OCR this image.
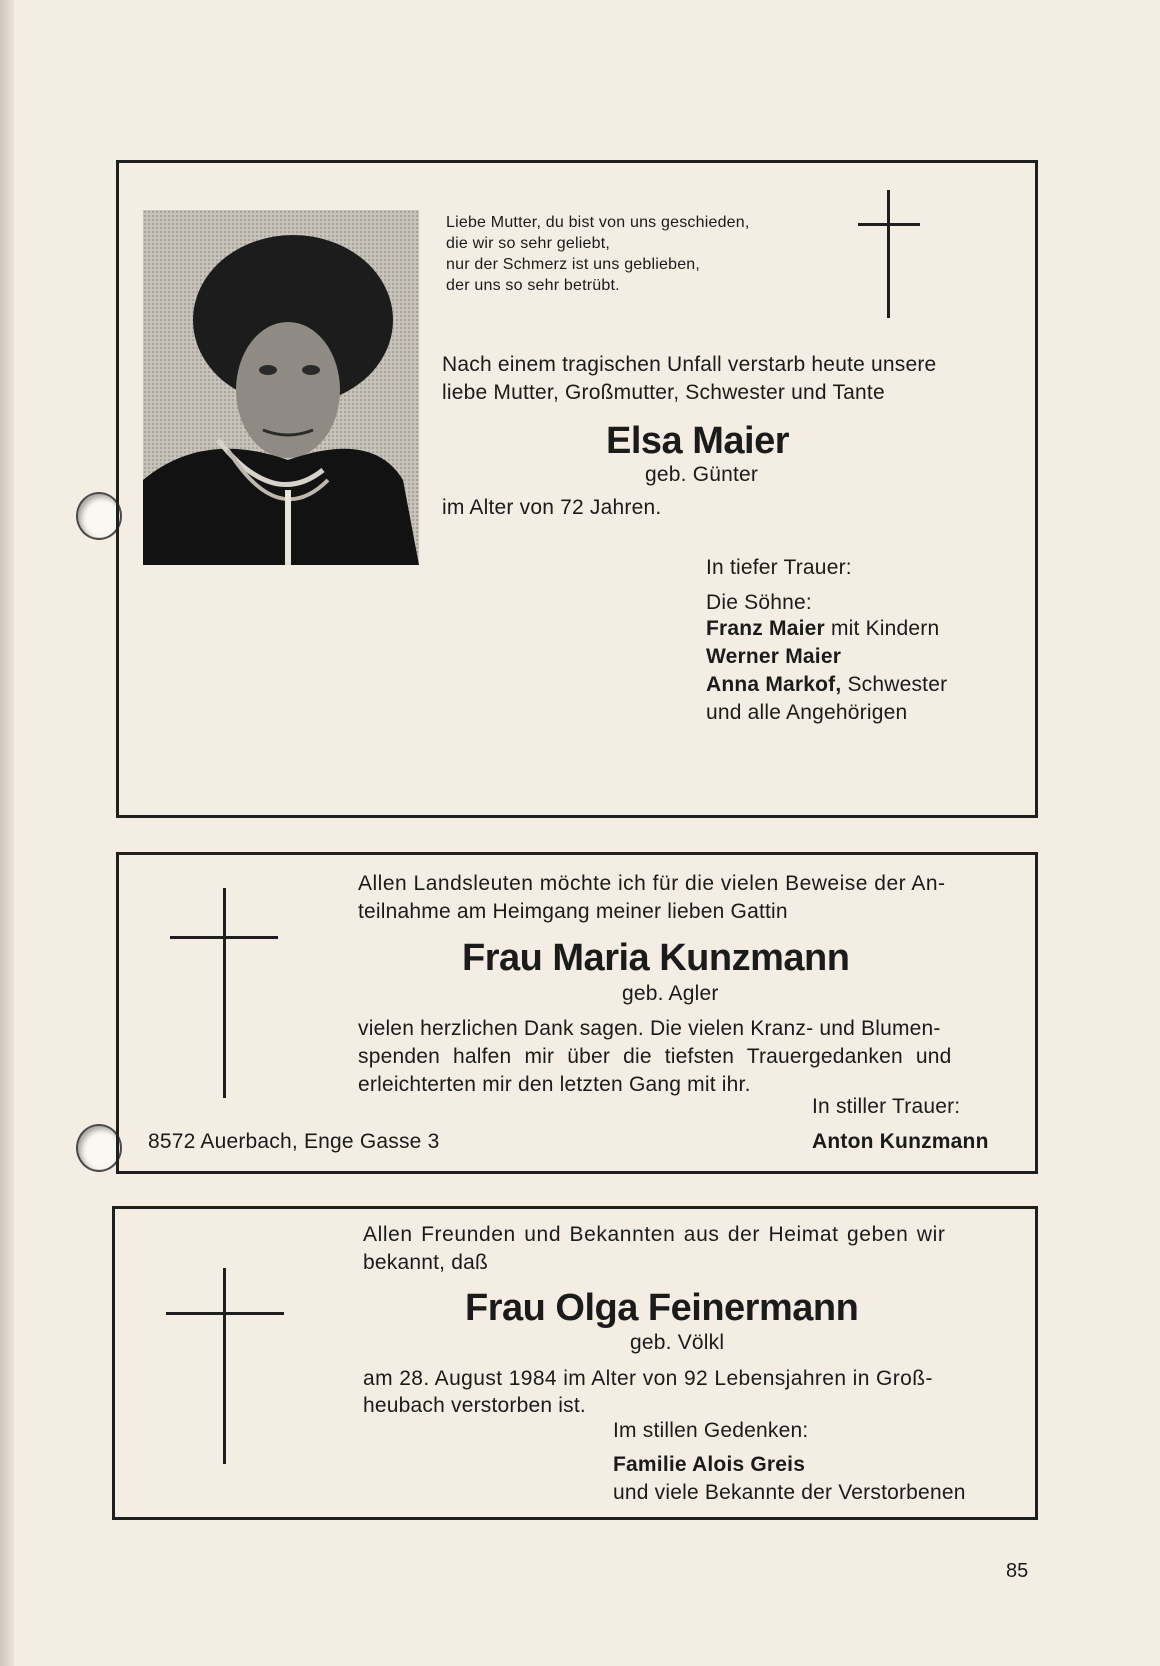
Liebe Mutter, du bist von uns geschieden,
die wir so sehr geliebt,
nur der Schmerz ist uns geblieben,
der uns so sehr betrübt.
Nach einem tragischen Unfall verstarb heute unsere
liebe Mutter, Großmutter, Schwester und Tante
Elsa Maier
geb. Günter
im Alter von 72 Jahren.
In tiefer Trauer:
Die Söhne:
Franz Maier mit Kindern
Werner Maier
Anna Markof, Schwester
und alle Angehörigen
Allen Landsleuten möchte ich für die vielen Beweise der An-
teilnahme am Heimgang meiner lieben Gattin
Frau Maria Kunzmann
geb. Agler
vielen herzlichen Dank sagen. Die vielen Kranz- und Blumen-
spenden halfen mir über die tiefsten Trauergedanken und
erleichterten mir den letzten Gang mit ihr.
In stiller Trauer:
8572 Auerbach, Enge Gasse 3	Anton Kunzmann
Allen Freunden und Bekannten aus der Heimat geben wir
bekannt, daß
Frau Olga Feinermann
geb. Völkl
am 28. August 1984 im Alter von 92 Lebensjahren in Groß-
heubach verstorben ist.
Im stillen Gedenken:
Familie Alois Greis
und viele Bekannte der Verstorbenen
85
